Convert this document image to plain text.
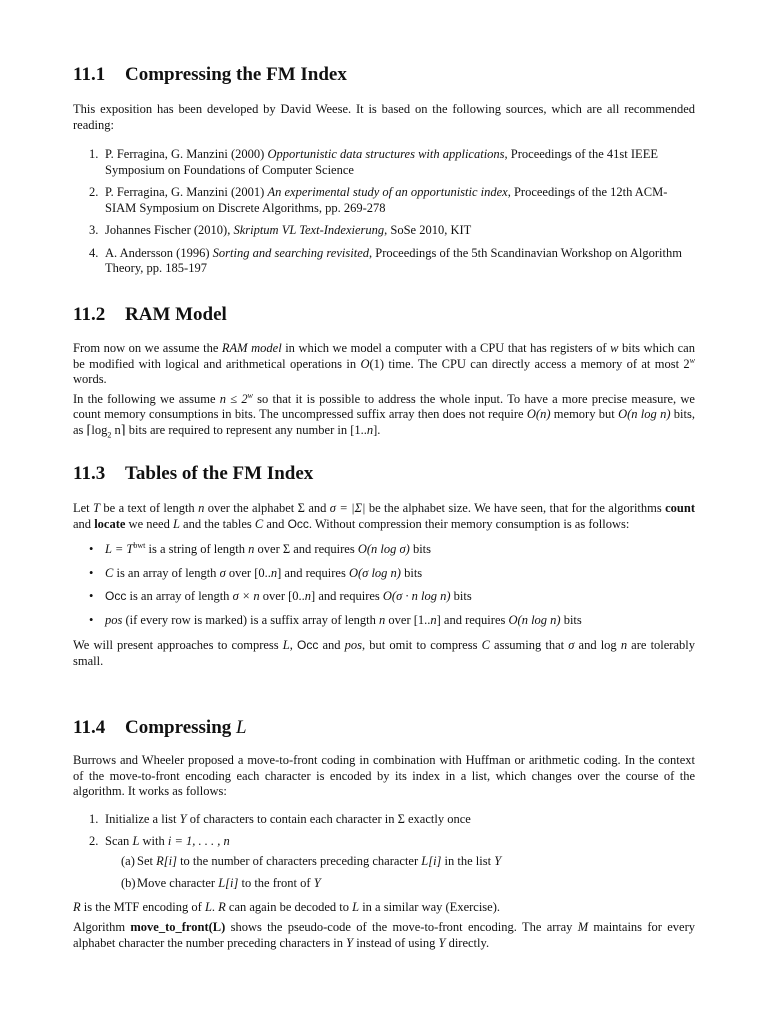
11.1 Compressing the FM Index

This exposition has been developed by David Weese. It is based on the following sources, which are all recommended reading:

1. P. Ferragina, G. Manzini (2000) Opportunistic data structures with applications, Proceedings of the 41st IEEE Symposium on Foundations of Computer Science
2. P. Ferragina, G. Manzini (2001) An experimental study of an opportunistic index, Proceedings of the 12th ACM-SIAM Symposium on Discrete Algorithms, pp. 269-278
3. Johannes Fischer (2010), Skriptum VL Text-Indexierung, SoSe 2010, KIT
4. A. Andersson (1996) Sorting and searching revisited, Proceedings of the 5th Scandinavian Workshop on Algorithm Theory, pp. 185-197
11.2 RAM Model

From now on we assume the RAM model in which we model a computer with a CPU that has registers of w bits which can be modified with logical and arithmetical operations in O(1) time. The CPU can directly access a memory of at most 2$^w$ words.

In the following we assume $n \le 2^w$ so that it is possible to address the whole input. To have a more precise measure, we count memory consumptions in bits. The uncompressed suffix array then does not require O(n) memory but O(n log n) bits, as $⌈\log_2$ n⌉ bits are required to represent any number in [1..n].

11.3 Tables of the FM Index

Let T be a text of length n over the alphabet Σ and σ = |Σ| be the alphabet size. We have seen, that for the algorithms count and locate we need L and the tables C and Occ. Without compression their memory consumption is as follows:

• $L = T^{bwt}$ is a string of length n over Σ and requires O(n log σ) bits
• C is an array of length σ over [0..n] and requires O(σ log n) bits
• Occ is an array of length σ × n over [0..n] and requires O(σ · n log n) bits
• pos (if every row is marked) is a suffix array of length n over [1..n] and requires O(n log n) bits

We will present approaches to compress L, Occ and pos, but omit to compress C assuming that σ and log n are tolerably small.

11.4 Compressing L

Burrows and Wheeler proposed a move-to-front coding in combination with Huffman or arithmetic coding. In the context of the move-to-front encoding each character is encoded by its index in a list, which changes over the course of the algorithm. It works as follows:

1. Initialize a list Y of characters to contain each character in Σ exactly once
2. Scan L with i = 1, . . . , n
(a) Set R[i] to the number of characters preceding character L[i] in the list Y
(b) Move character L[i] to the front of Y

R is the MTF encoding of L. R can again be decoded to L in a similar way (Exercise).

Algorithm move_to_front(L) shows the pseudo-code of the move-to-front encoding. The array M maintains for every alphabet character the number preceding characters in Y instead of using Y directly.
